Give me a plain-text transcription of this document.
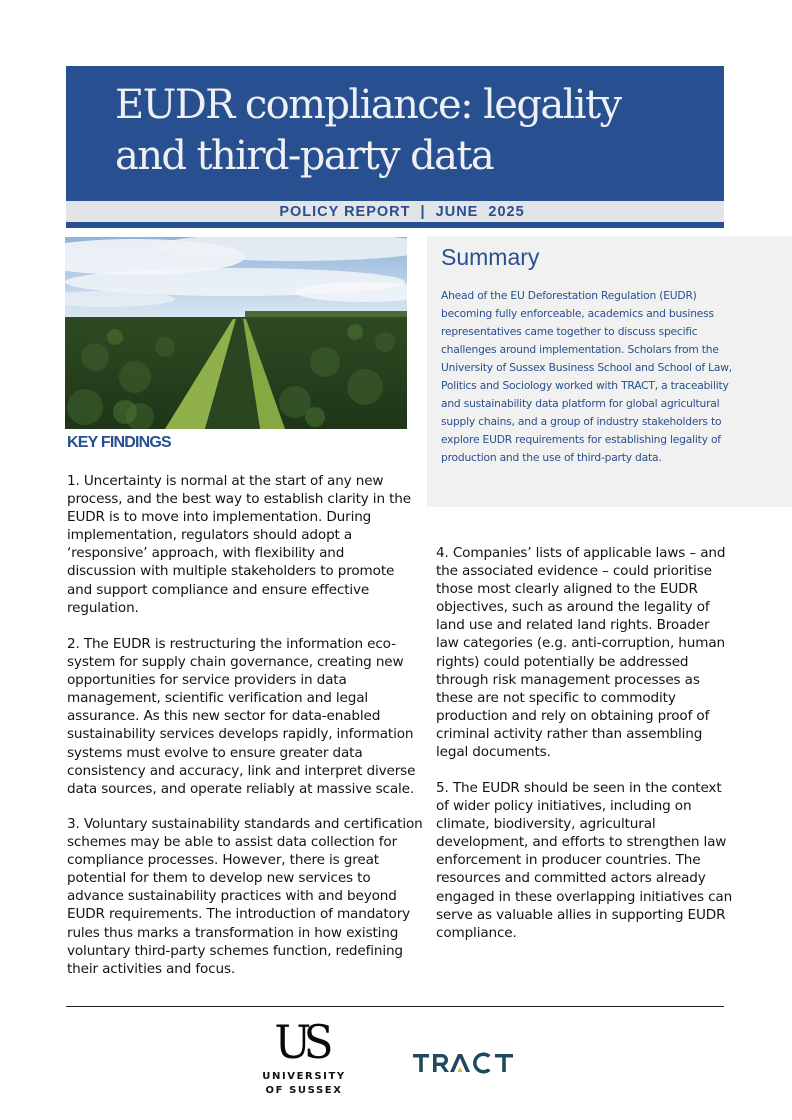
EUDR compliance: legality
and third-party data
POLICY REPORT  |  JUNE  2025
Summary

Ahead of the EU Deforestation Regulation (EUDR) becoming fully enforceable, academics and business representatives came together to discuss specific challenges around implementation. Scholars from the University of Sussex Business School and School of Law, Politics and Sociology worked with TRACT, a traceability and sustainability data platform for global agricultural supply chains, and a group of industry stakeholders to explore EUDR requirements for establishing legality of production and the use of third-party data.

KEY FINDINGS

1. Uncertainty is normal at the start of any new process, and the best way to establish clarity in the EUDR is to move into implementation. During implementation, regulators should adopt a ‘responsive’ approach, with flexibility and discussion with multiple stakeholders to promote and support compliance and ensure effective regulation.

2. The EUDR is restructuring the information eco-system for supply chain governance, creating new opportunities for service providers in data management, scientific verification and legal assurance. As this new sector for data-enabled sustainability services develops rapidly, information systems must evolve to ensure greater data consistency and accuracy, link and interpret diverse data sources, and operate reliably at massive scale.

3. Voluntary sustainability standards and certification schemes may be able to assist data collection for compliance processes. However, there is great potential for them to develop new services to advance sustainability practices with and beyond EUDR requirements. The introduction of mandatory rules thus marks a transformation in how existing voluntary third-party schemes function, redefining their activities and focus.

4. Companies’ lists of applicable laws – and the associated evidence – could prioritise those most clearly aligned to the EUDR objectives, such as around the legality of land use and related land rights. Broader law categories (e.g. anti-corruption, human rights) could potentially be addressed through risk management processes as these are not specific to commodity production and rely on obtaining proof of criminal activity rather than assembling legal documents.

5. The EUDR should be seen in the context of wider policy initiatives, including on climate, biodiversity, agricultural development, and efforts to strengthen law enforcement in producer countries. The resources and committed actors already engaged in these overlapping initiatives can serve as valuable allies in supporting EUDR compliance.

US
UNIVERSITY
OF SUSSEX
